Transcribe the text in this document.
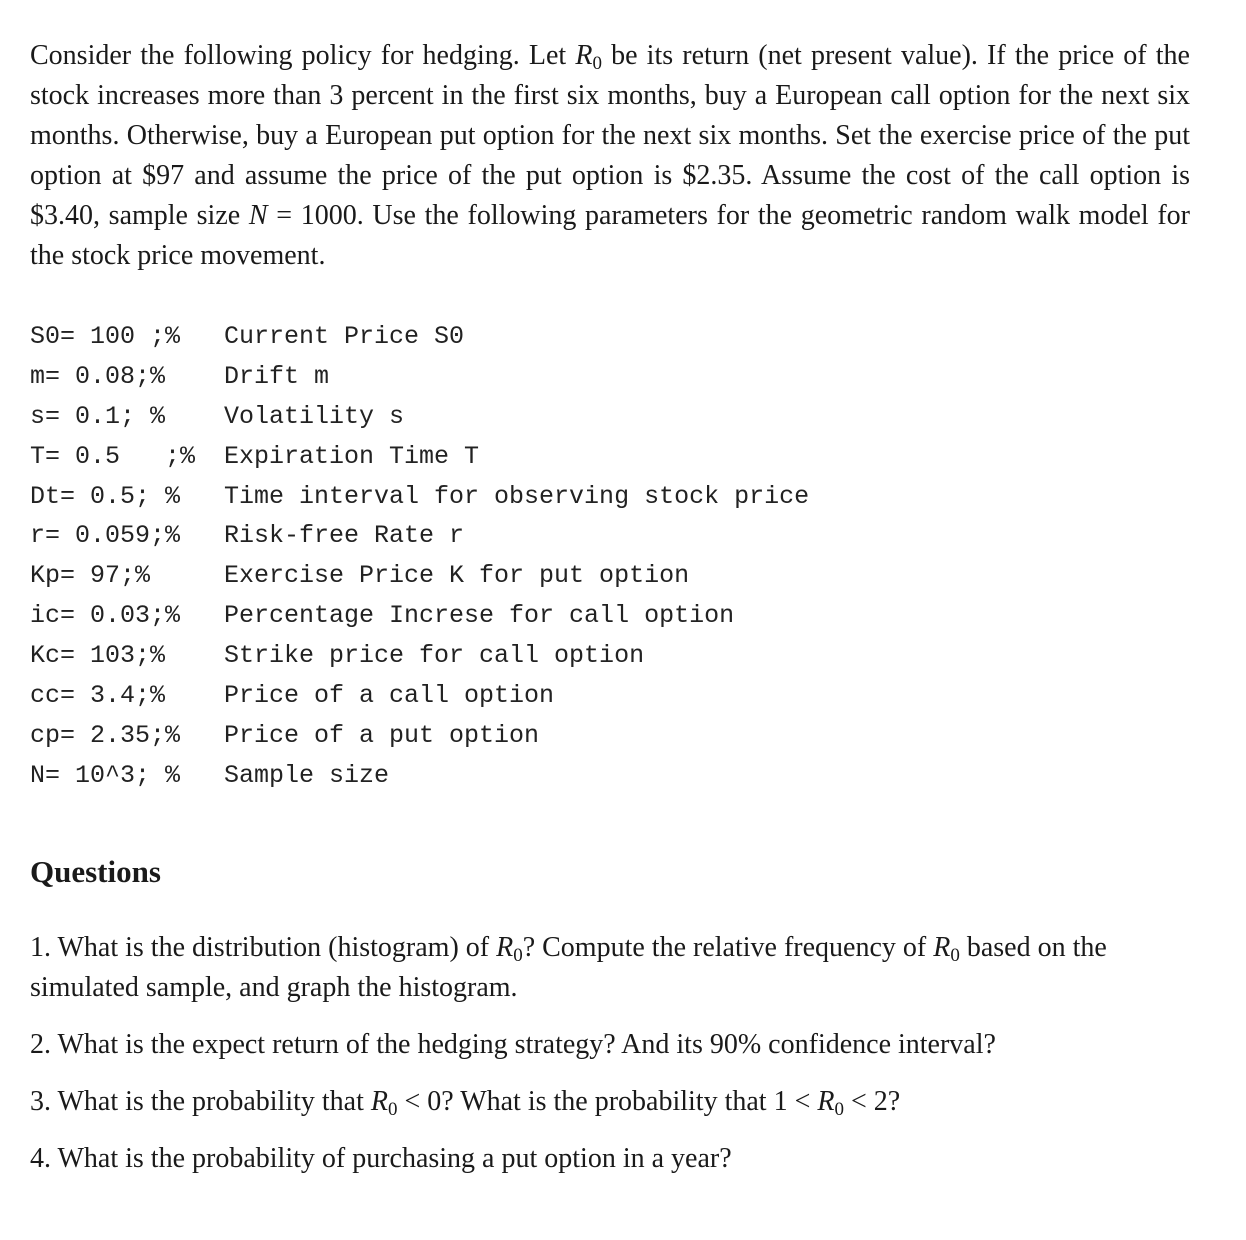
Consider the following policy for hedging. Let $R_0$ be its return (net present value). If the price of the stock increases more than 3 percent in the first six months, buy a European call option for the next six months. Otherwise, buy a European put option for the next six months. Set the exercise price of the put option at $97 and assume the price of the put option is $2.35. Assume the cost of the call option is $3.40, sample size N = 1000. Use the following parameters for the geometric random walk model for the stock price movement.

S0= 100 ;%	Current Price S0
m= 0.08;%	Drift m
s= 0.1; %	Volatility s
T= 0.5   ;%	Expiration Time T
Dt= 0.5; %	Time interval for observing stock price
r= 0.059;%	Risk-free Rate r
Kp= 97;%	Exercise Price K for put option
ic= 0.03;%	Percentage Increse for call option
Kc= 103;%	Strike price for call option
cc= 3.4;%	Price of a call option
cp= 2.35;%	Price of a put option
N= 10^3; %	Sample size
Questions
1. What is the distribution (histogram) of $R_0$? Compute the relative frequency of $R_0$ based on the simulated sample, and graph the histogram.
2. What is the expect return of the hedging strategy? And its 90% confidence interval?
3. What is the probability that $R_0 < 0$? What is the probability that $1 < R_0 < 2$?
4. What is the probability of purchasing a put option in a year?
